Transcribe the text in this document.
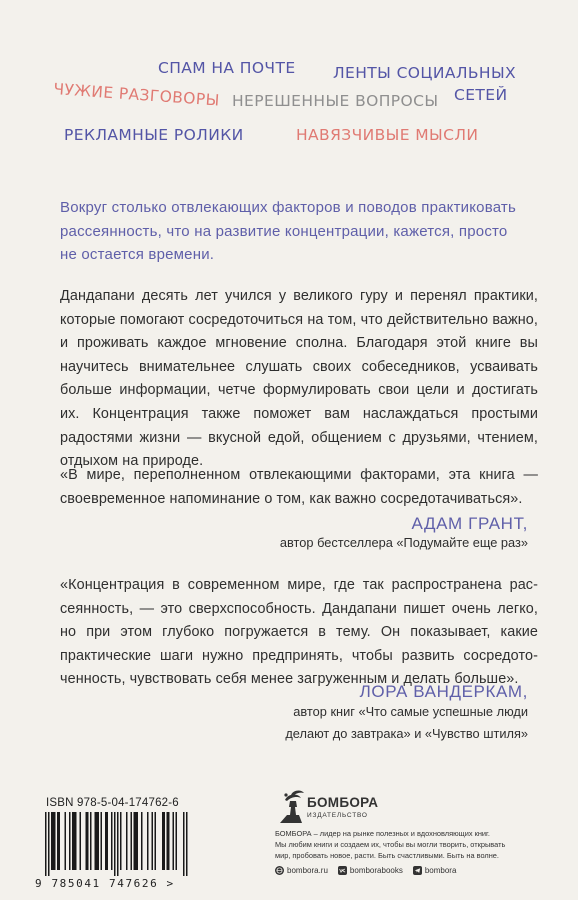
СПАМ НА ПОЧТЕ ЛЕНТЫ СОЦИАЛЬНЫХ
СЕТЕЙ
ЧУЖИЕ РАЗГОВОРЫ НЕРЕШЕННЫЕ ВОПРОСЫ
РЕКЛАМНЫЕ РОЛИКИ	НАВЯЗЧИВЫЕ МЫСЛИ
Вокруг столько отвлекающих факторов и поводов практиковать
рассеянность, что на развитие концентрации, кажется, просто
не остается времени.
Дандапани десять лет учился у великого гуру и перенял практики,
которые помогают сосредоточиться на том, что действительно важно,
и проживать каждое мгновение сполна. Благодаря этой книге вы
научитесь внимательнее слушать своих собеседников, усваивать
больше информации, четче формулировать свои цели и достигать
их. Концентрация также поможет вам наслаждаться простыми
радостями жизни — вкусной едой, общением с друзьями, чтением,
отдыхом на природе.
«В мире, переполненном отвлекающими факторами, эта книга —
своевременное напоминание о том, как важно сосредотачиваться».
АДАМ ГРАНТ,
автор бестселлера «Подумайте еще раз»
«Концентрация в современном мире, где так распространена рас-
сеянность, — это сверхспособность. Дандапани пишет очень легко,
но при этом глубоко погружается в тему. Он показывает, какие
практические шаги нужно предпринять, чтобы развить сосредото-
ченность, чувствовать себя менее загруженным и делать больше».
ЛОРА ВАНДЕРКАМ,
автор книг «Что самые успешные люди
делают до завтрака» и «Чувство штиля»
ISBN 978-5-04-174762-6
9 785041 747626 >
БОМБОРА
ИЗДАТЕЛЬСТВО
БОМБОРА – лидер на рынке полезных и вдохновляющих книг.
Мы любим книги и создаем их, чтобы вы могли творить, открывать
мир, пробовать новое, расти. Быть счастливыми. Быть на волне.
bombora.ru	bomborabooks	bombora
